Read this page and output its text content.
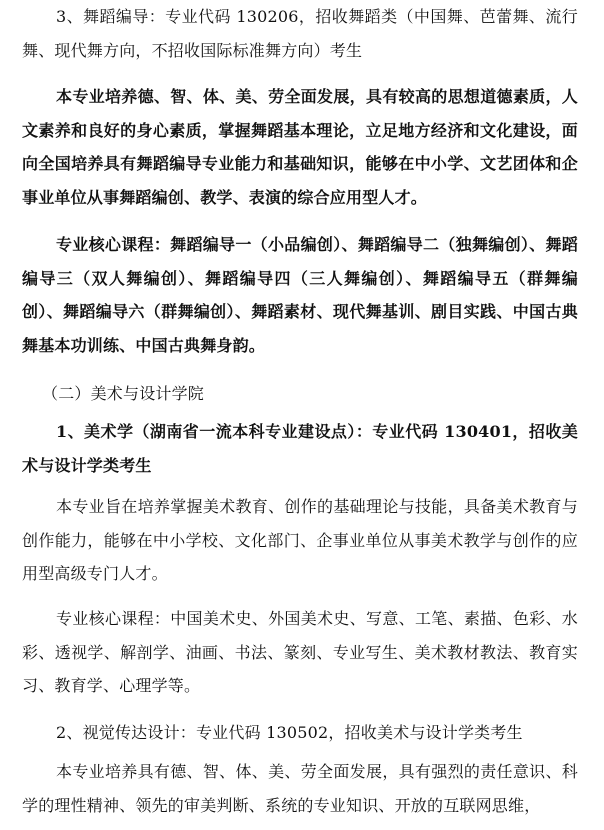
3、舞蹈编导：专业代码 130206，招收舞蹈类（中国舞、芭蕾舞、流行舞、现代舞方向，不招收国际标准舞方向）考生

本专业培养德、智、体、美、劳全面发展，具有较高的思想道德素质，人文素养和良好的身心素质，掌握舞蹈基本理论，立足地方经济和文化建设，面向全国培养具有舞蹈编导专业能力和基础知识，能够在中小学、文艺团体和企事业单位从事舞蹈编创、教学、表演的综合应用型人才。

专业核心课程：舞蹈编导一（小品编创）、舞蹈编导二（独舞编创）、舞蹈编导三（双人舞编创）、舞蹈编导四（三人舞编创）、舞蹈编导五（群舞编创）、舞蹈编导六（群舞编创）、舞蹈素材、现代舞基训、剧目实践、中国古典舞基本功训练、中国古典舞身韵。

（二）美术与设计学院

1、美术学（湖南省一流本科专业建设点）：专业代码 130401，招收美术与设计学类考生

本专业旨在培养掌握美术教育、创作的基础理论与技能，具备美术教育与创作能力，能够在中小学校、文化部门、企事业单位从事美术教学与创作的应用型高级专门人才。

专业核心课程：中国美术史、外国美术史、写意、工笔、素描、色彩、水彩、透视学、解剖学、油画、书法、篆刻、专业写生、美术教材教法、教育实习、教育学、心理学等。

2、视觉传达设计：专业代码 130502，招收美术与设计学类考生

本专业培养具有德、智、体、美、劳全面发展，具有强烈的责任意识、科学的理性精神、领先的审美判断、系统的专业知识、开放的互联网思维，
